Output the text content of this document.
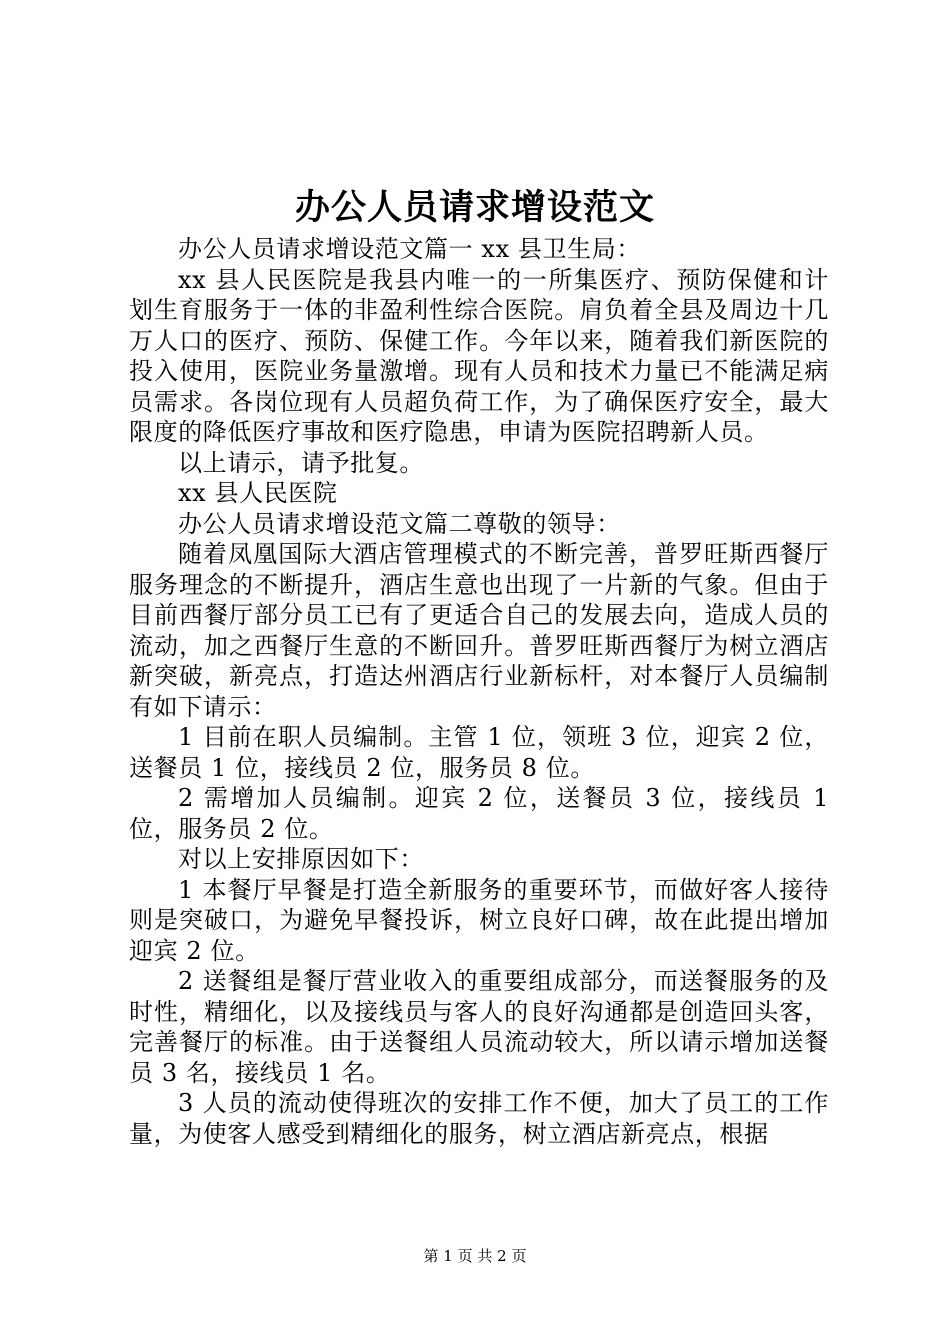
办公人员请求增设范文

办公人员请求增设范文篇一 xx 县卫生局：

xx 县人民医院是我县内唯一的一所集医疗、预防保健和计划生育服务于一体的非盈利性综合医院。肩负着全县及周边十几万人口的医疗、预防、保健工作。今年以来，随着我们新医院的投入使用，医院业务量激增。现有人员和技术力量已不能满足病员需求。各岗位现有人员超负荷工作，为了确保医疗安全，最大限度的降低医疗事故和医疗隐患，申请为医院招聘新人员。

以上请示，请予批复。

xx 县人民医院

办公人员请求增设范文篇二尊敬的领导：

随着凤凰国际大酒店管理模式的不断完善，普罗旺斯西餐厅服务理念的不断提升，酒店生意也出现了一片新的气象。但由于目前西餐厅部分员工已有了更适合自己的发展去向，造成人员的流动，加之西餐厅生意的不断回升。普罗旺斯西餐厅为树立酒店新突破，新亮点，打造达州酒店行业新标杆，对本餐厅人员编制有如下请示：

1 目前在职人员编制。主管 1 位，领班 3 位，迎宾 2 位，送餐员 1 位，接线员 2 位，服务员 8 位。

2 需增加人员编制。迎宾 2 位，送餐员 3 位，接线员 1 位，服务员 2 位。

对以上安排原因如下：

1 本餐厅早餐是打造全新服务的重要环节，而做好客人接待则是突破口，为避免早餐投诉，树立良好口碑，故在此提出增加迎宾 2 位。

2 送餐组是餐厅营业收入的重要组成部分，而送餐服务的及时性，精细化，以及接线员与客人的良好沟通都是创造回头客，完善餐厅的标准。由于送餐组人员流动较大，所以请示增加送餐员 3 名，接线员 1 名。

3 人员的流动使得班次的安排工作不便，加大了员工的工作量，为使客人感受到精细化的服务，树立酒店新亮点，根据

第 1 页 共 2 页
